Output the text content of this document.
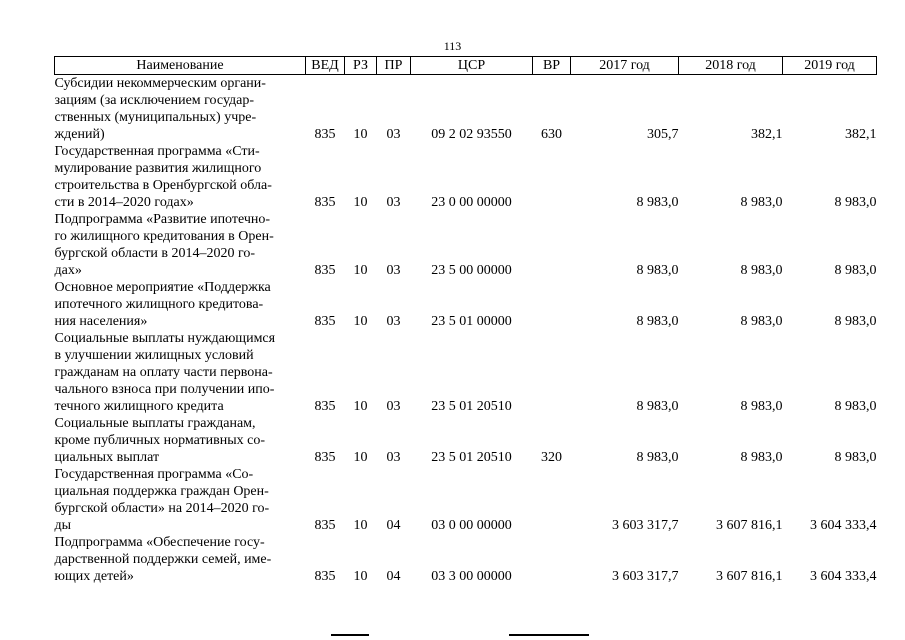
113
Наименование	ВЕД	РЗ	ПР	ЦСР	ВР	2017 год	2018 год	2019 год

Субсидии некоммерческим органи-
зациям (за исключением государ-
ственных (муниципальных) учре-
ждений)	835	10	03	09 2 02 93550	630	305,7	382,1	382,1

Государственная программа «Сти-
мулирование развития жилищного
строительства в Оренбургской обла-
сти в 2014–2020 годах»	835	10	03	23 0 00 00000		8 983,0	8 983,0	8 983,0

Подпрограмма «Развитие ипотечно-
го жилищного кредитования в Орен-
бургской области в 2014–2020 го-
дах»	835	10	03	23 5 00 00000		8 983,0	8 983,0	8 983,0

Основное мероприятие «Поддержка
ипотечного жилищного кредитова-
ния населения»	835	10	03	23 5 01 00000		8 983,0	8 983,0	8 983,0

Социальные выплаты нуждающимся
в улучшении жилищных условий
гражданам на оплату части первона-
чального взноса при получении ипо-
течного жилищного кредита	835	10	03	23 5 01 20510		8 983,0	8 983,0	8 983,0

Социальные выплаты гражданам,
кроме публичных нормативных со-
циальных выплат	835	10	03	23 5 01 20510	320	8 983,0	8 983,0	8 983,0

Государственная программа «Со-
циальная поддержка граждан Орен-
бургской области» на 2014–2020 го-
ды	835	10	04	03 0 00 00000		3 603 317,7	3 607 816,1	3 604 333,4

Подпрограмма «Обеспечение госу-
дарственной поддержки семей, име-
ющих детей»	835	10	04	03 3 00 00000		3 603 317,7	3 607 816,1	3 604 333,4
